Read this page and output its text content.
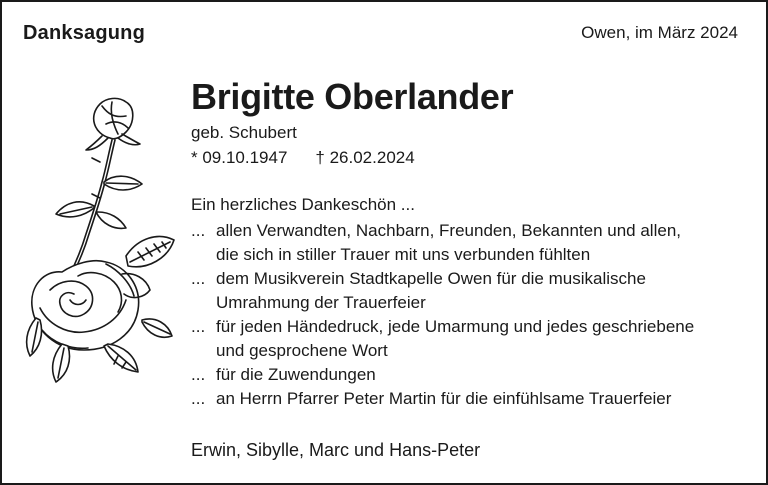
Danksagung	Owen, im März 2024
Brigitte Oberlander
geb. Schubert
* 09.10.1947 † 26.02.2024
Ein herzliches Dankeschön ...
... allen Verwandten, Nachbarn, Freunden, Bekannten und allen,
die sich in stiller Trauer mit uns verbunden fühlten
... dem Musikverein Stadtkapelle Owen für die musikalische
Umrahmung der Trauerfeier
... für jeden Händedruck, jede Umarmung und jedes geschriebene
und gesprochene Wort
... für die Zuwendungen
... an Herrn Pfarrer Peter Martin für die einfühlsame Trauerfeier
Erwin, Sibylle, Marc und Hans-Peter
